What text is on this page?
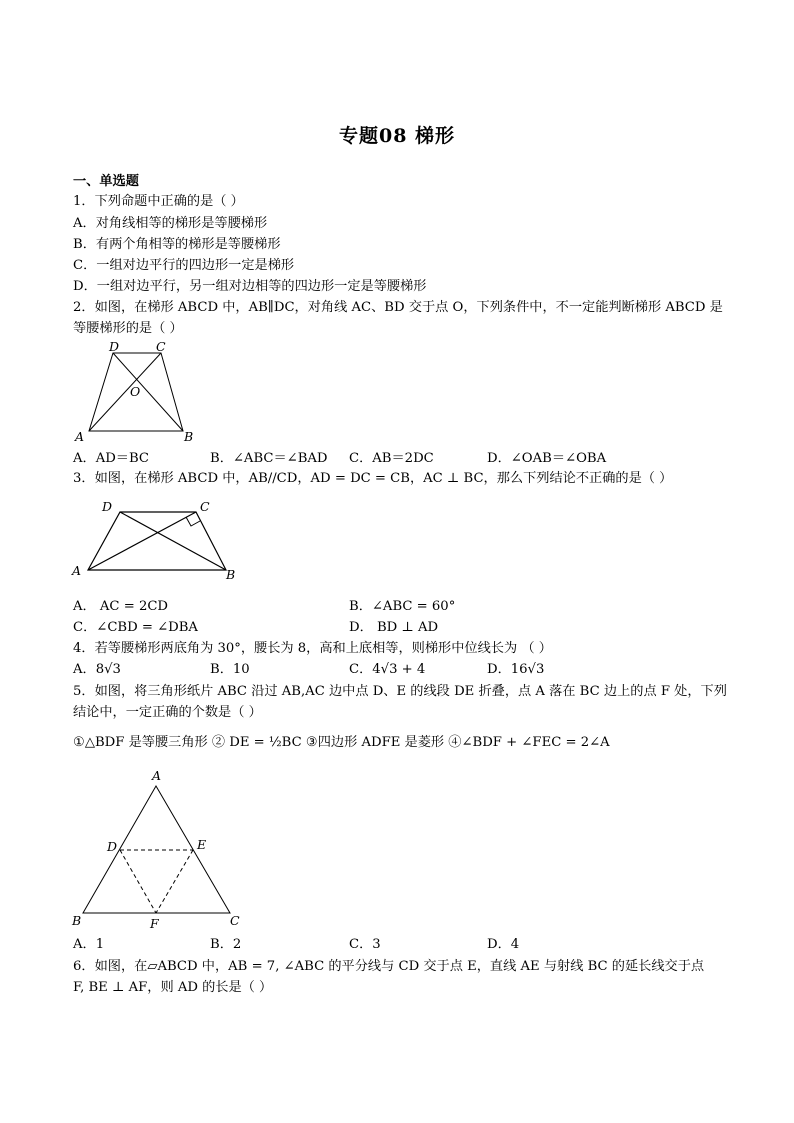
专题08 梯形
一、单选题
1．下列命题中正确的是（ ）
A．对角线相等的梯形是等腰梯形
B．有两个角相等的梯形是等腰梯形
C．一组对边平行的四边形一定是梯形
D．一组对边平行，另一组对边相等的四边形一定是等腰梯形
2．如图，在梯形 ABCD 中，AB∥DC，对角线 AC、BD 交于点 O，下列条件中，不一定能判断梯形 ABCD 是
等腰梯形的是（ ）
D	C
O
A	B
A．AD＝BC	B．∠ABC＝∠BAD C．AB＝2DC	D．∠OAB＝∠OBA
3．如图，在梯形 ABCD 中，AB//CD，AD = DC = CB，AC ⊥ BC，那么下列结论不正确的是（ ）
D	C
A	B
A． AC = 2CD	B．∠ABC = 60°
C．∠CBD = ∠DBA	D． BD ⊥ AD
4．若等腰梯形两底角为 30°，腰长为 8，高和上底相等，则梯形中位线长为 （ ）
A．8√3	B．10	C．4√3 + 4	D．16√3
5．如图，将三角形纸片 ABC 沿过 AB,AC 边中点 D、E 的线段 DE 折叠，点 A 落在 BC 边上的点 F 处，下列
结论中，一定正确的个数是（ ）
①△BDF 是等腰三角形 ② DE = ½BC ③四边形 ADFE 是菱形 ④∠BDF + ∠FEC = 2∠A
A
D	E
B	F	C
A．1	B．2	C．3	D．4
6．如图，在▱ABCD 中，AB = 7, ∠ABC 的平分线与 CD 交于点 E，直线 AE 与射线 BC 的延长线交于点
F, BE ⊥ AF，则 AD 的长是（ ）
